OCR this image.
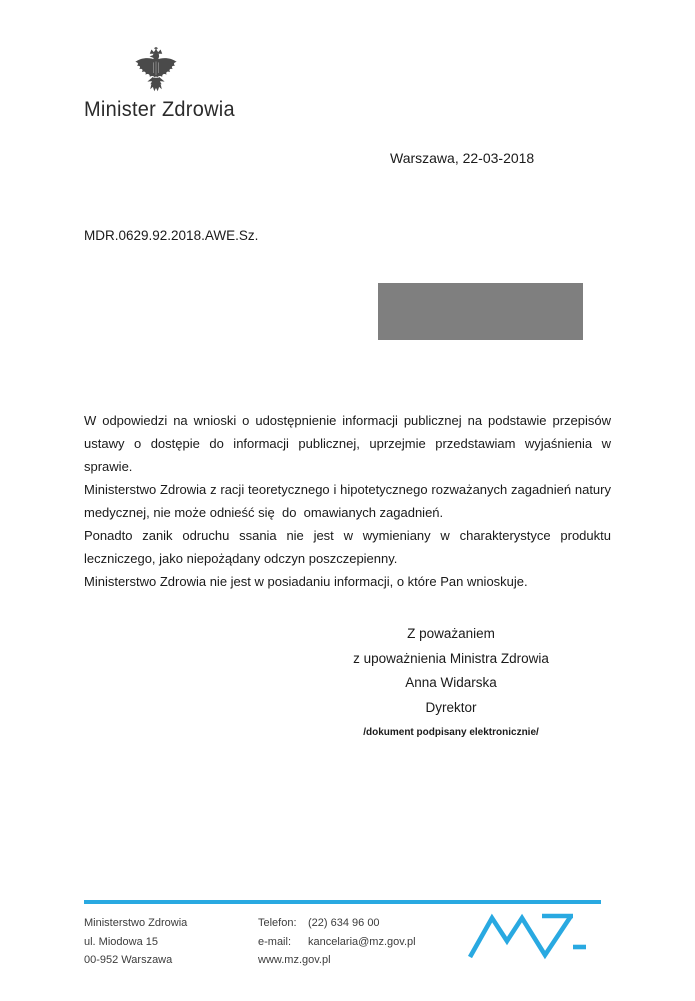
Minister Zdrowia
Warszawa, 22-03-2018
MDR.0629.92.2018.AWE.Sz.

W odpowiedzi na wnioski o udostępnienie informacji publicznej na podstawie przepisów ustawy o dostępie do informacji publicznej, uprzejmie przedstawiam wyjaśnienia w  sprawie.

Ministerstwo Zdrowia z racji teoretycznego i hipotetycznego rozważanych zagadnień natury medycznej, nie może odnieść się  do  omawianych zagadnień.

Ponadto zanik odruchu ssania nie jest w wymieniany w charakterystyce produktu leczniczego, jako niepożądany odczyn poszczepienny.

Ministerstwo Zdrowia nie jest w posiadaniu informacji, o które Pan wnioskuje.

Z poważaniem
z upoważnienia Ministra Zdrowia
Anna Widarska
Dyrektor
/dokument podpisany elektronicznie/
Ministerstwo Zdrowia
ul. Miodowa 15
00-952 Warszawa
Telefon:	(22) 634 96 00
e-mail:	kancelaria@mz.gov.pl
www.mz.gov.pl
